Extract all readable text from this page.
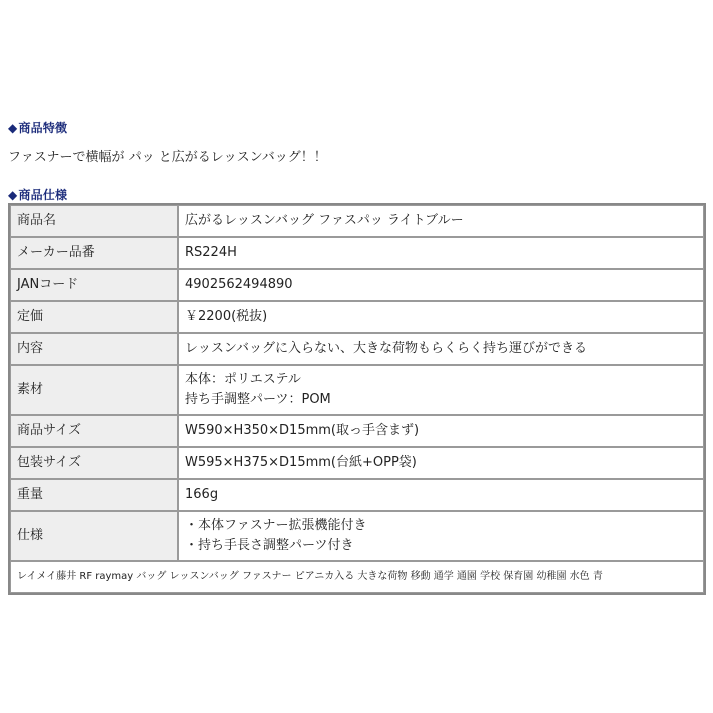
◆商品特徴
ファスナーで横幅が パッ と広がるレッスンバッグ！！
◆商品仕様
商品名	広がるレッスンバッグ ファスパッ ライトブルー
メーカー品番	RS224H
JANコード	4902562494890
定価	￥2200(税抜)
内容	レッスンバッグに入らない、大きな荷物もらくらく持ち運びができる
素材	本体：ポリエステル
持ち手調整パーツ：POM

商品サイズ	W590×H350×D15mm(取っ手含まず)
包装サイズ	W595×H375×D15mm(台紙+OPP袋)
重量	166g
仕様	・本体ファスナー拡張機能付き
・持ち手長さ調整パーツ付き

レイメイ藤井 RF raymay バッグ レッスンバッグ ファスナー ピアニカ入る 大きな荷物 移動 通学 通園 学校 保育園 幼稚園 水色 青	
